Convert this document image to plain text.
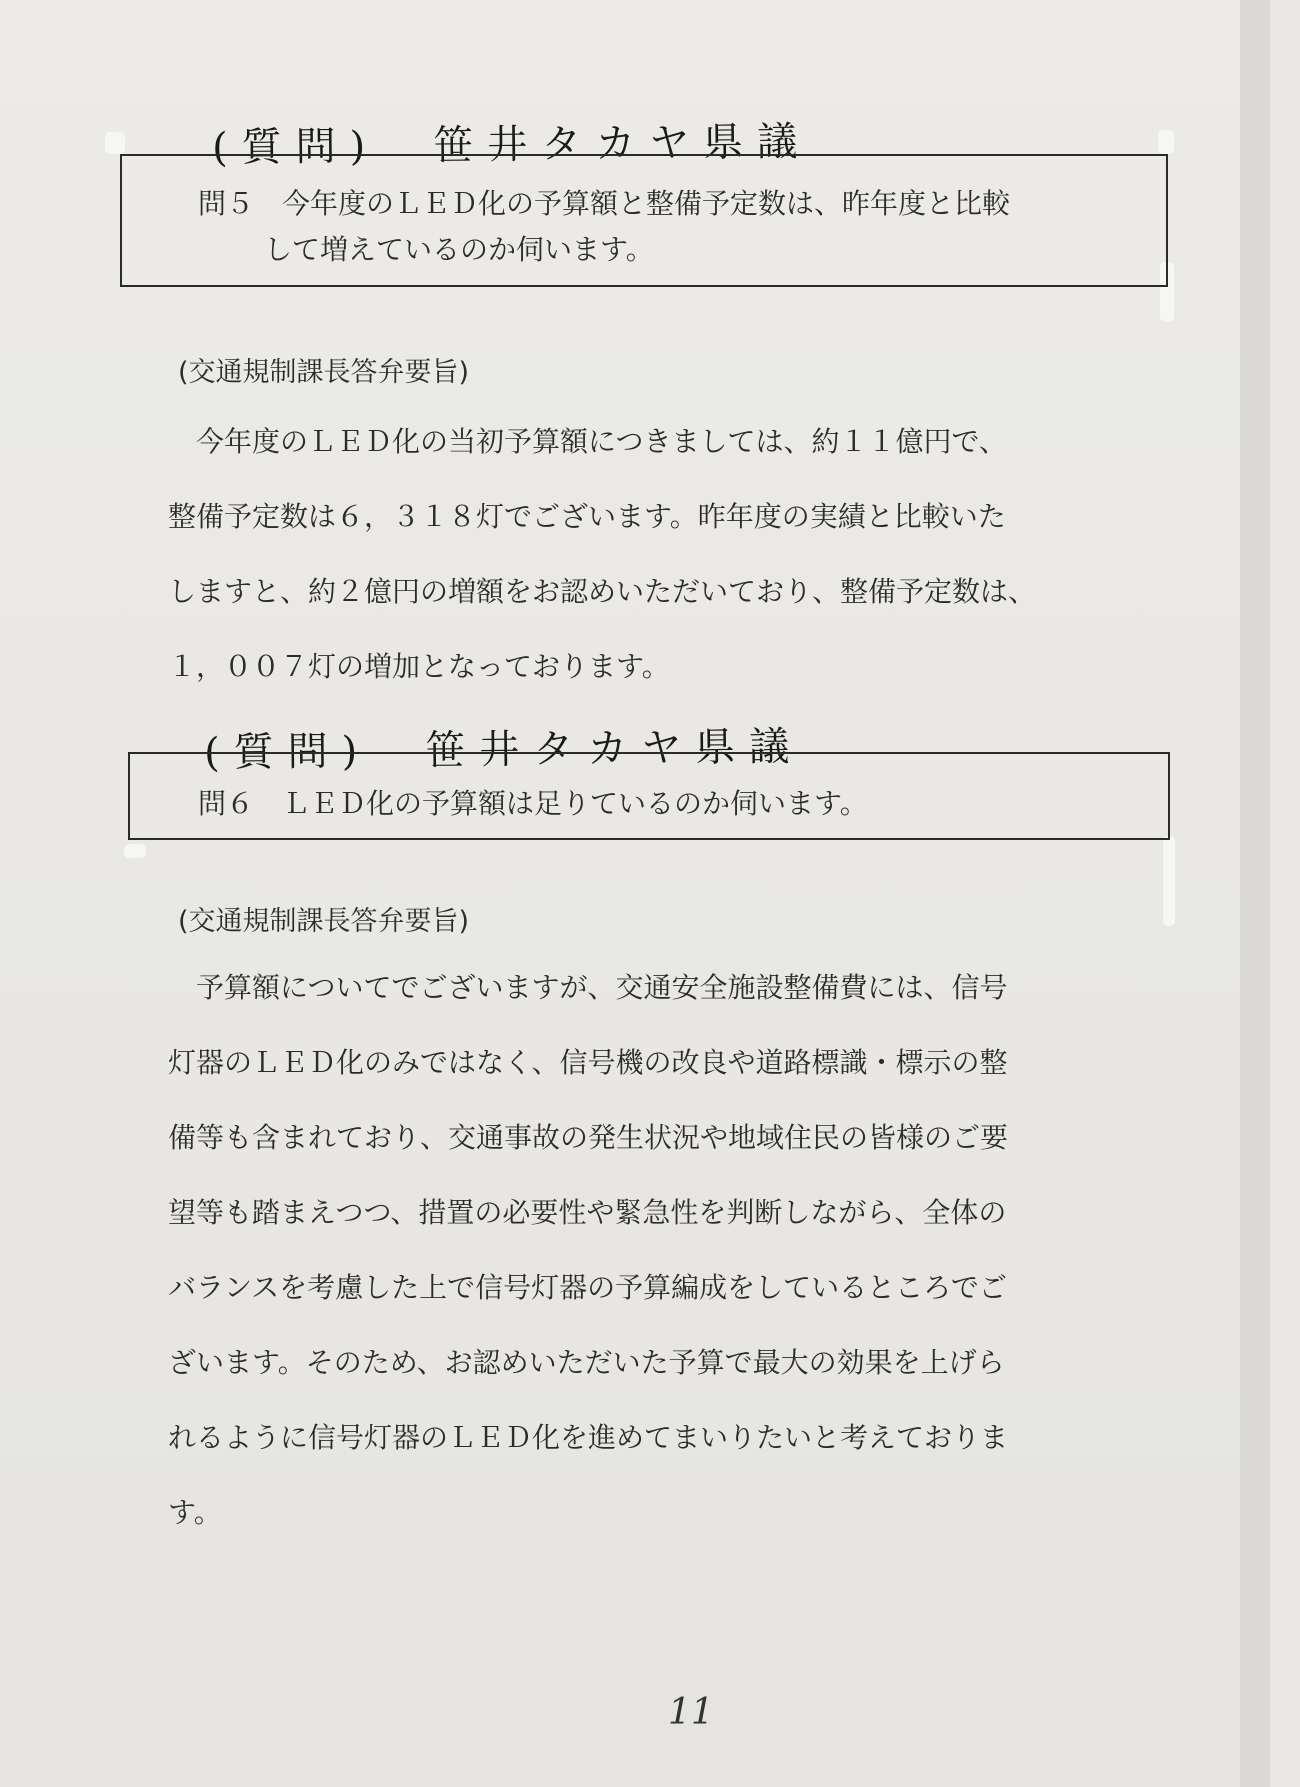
(質問)　笹井タカヤ県議
問５　今年度のＬＥＤ化の予算額と整備予定数は、昨年度と比較
して増えているのか伺います。
(交通規制課長答弁要旨)
　今年度のＬＥＤ化の当初予算額につきましては、約１１億円で、
整備予定数は６，３１８灯でございます。昨年度の実績と比較いた
しますと、約２億円の増額をお認めいただいており、整備予定数は、
１，００７灯の増加となっております。
(質問)　笹井タカヤ県議
問６　ＬＥＤ化の予算額は足りているのか伺います。
(交通規制課長答弁要旨)
　予算額についてでございますが、交通安全施設整備費には、信号
灯器のＬＥＤ化のみではなく、信号機の改良や道路標識・標示の整
備等も含まれており、交通事故の発生状況や地域住民の皆様のご要
望等も踏まえつつ、措置の必要性や緊急性を判断しながら、全体の
バランスを考慮した上で信号灯器の予算編成をしているところでご
ざいます。そのため、お認めいただいた予算で最大の効果を上げら
れるように信号灯器のＬＥＤ化を進めてまいりたいと考えておりま
す。
11
